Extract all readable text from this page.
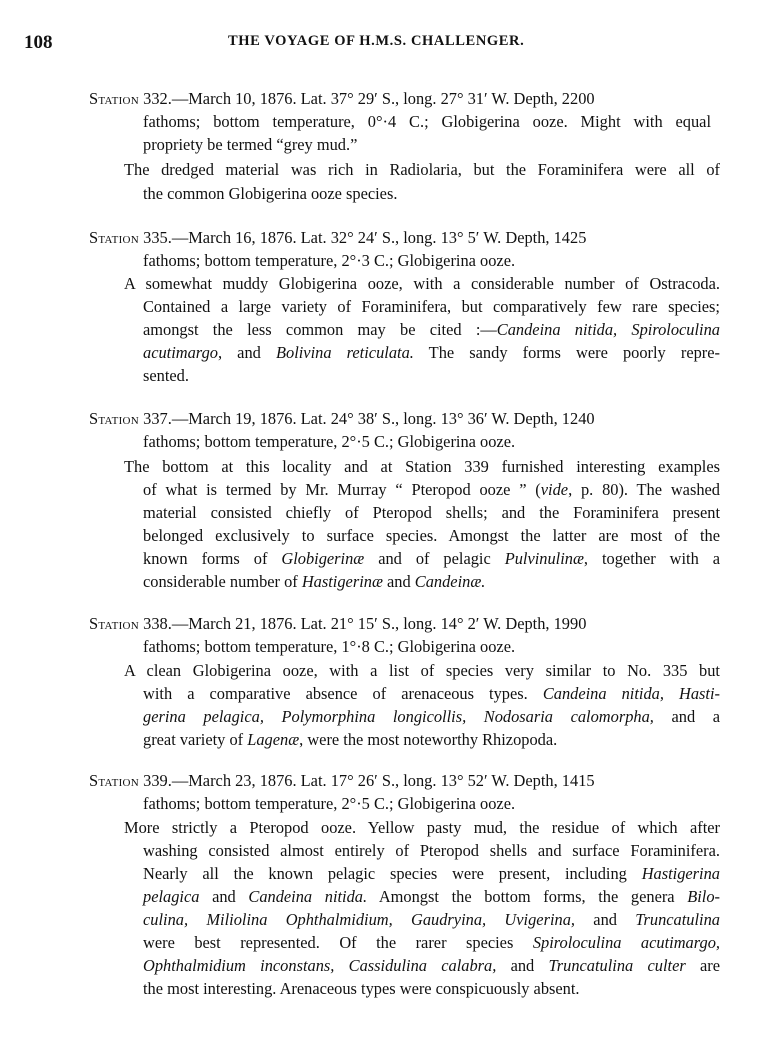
108	THE VOYAGE OF H.M.S. CHALLENGER.
Station 332.—March 10, 1876. Lat. 37° 29′ S., long. 27° 31′ W. Depth, 2200
fathoms; bottom temperature, 0°·4 C.; Globigerina ooze. Might with equal
propriety be termed “grey mud.”
The dredged material was rich in Radiolaria, but the Foraminifera were all of
the common Globigerina ooze species.
Station 335.—March 16, 1876. Lat. 32° 24′ S., long. 13° 5′ W. Depth, 1425
fathoms; bottom temperature, 2°·3 C.; Globigerina ooze.
A somewhat muddy Globigerina ooze, with a considerable number of Ostracoda.
Contained a large variety of Foraminifera, but comparatively few rare species;
amongst the less common may be cited :—Candeina nitida, Spiroloculina
acutimargo, and Bolivina reticulata. The sandy forms were poorly repre-
sented.
Station 337.—March 19, 1876. Lat. 24° 38′ S., long. 13° 36′ W. Depth, 1240
fathoms; bottom temperature, 2°·5 C.; Globigerina ooze.
The bottom at this locality and at Station 339 furnished interesting examples
of what is termed by Mr. Murray “ Pteropod ooze ” (vide, p. 80). The washed
material consisted chiefly of Pteropod shells; and the Foraminifera present
belonged exclusively to surface species. Amongst the latter are most of the
known forms of Globigerinæ and of pelagic Pulvinulinæ, together with a
considerable number of Hastigerinæ and Candeinæ.
Station 338.—March 21, 1876. Lat. 21° 15′ S., long. 14° 2′ W. Depth, 1990
fathoms; bottom temperature, 1°·8 C.; Globigerina ooze.
A clean Globigerina ooze, with a list of species very similar to No. 335 but
with a comparative absence of arenaceous types. Candeina nitida, Hasti-
gerina pelagica, Polymorphina longicollis, Nodosaria calomorpha, and a
great variety of Lagenæ, were the most noteworthy Rhizopoda.
Station 339.—March 23, 1876. Lat. 17° 26′ S., long. 13° 52′ W. Depth, 1415
fathoms; bottom temperature, 2°·5 C.; Globigerina ooze.
More strictly a Pteropod ooze. Yellow pasty mud, the residue of which after
washing consisted almost entirely of Pteropod shells and surface Foraminifera.
Nearly all the known pelagic species were present, including Hastigerina
pelagica and Candeina nitida. Amongst the bottom forms, the genera Bilo-
culina, Miliolina Ophthalmidium, Gaudryina, Uvigerina, and Truncatulina
were best represented. Of the rarer species Spiroloculina acutimargo,
Ophthalmidium inconstans, Cassidulina calabra, and Truncatulina culter are
the most interesting. Arenaceous types were conspicuously absent.
